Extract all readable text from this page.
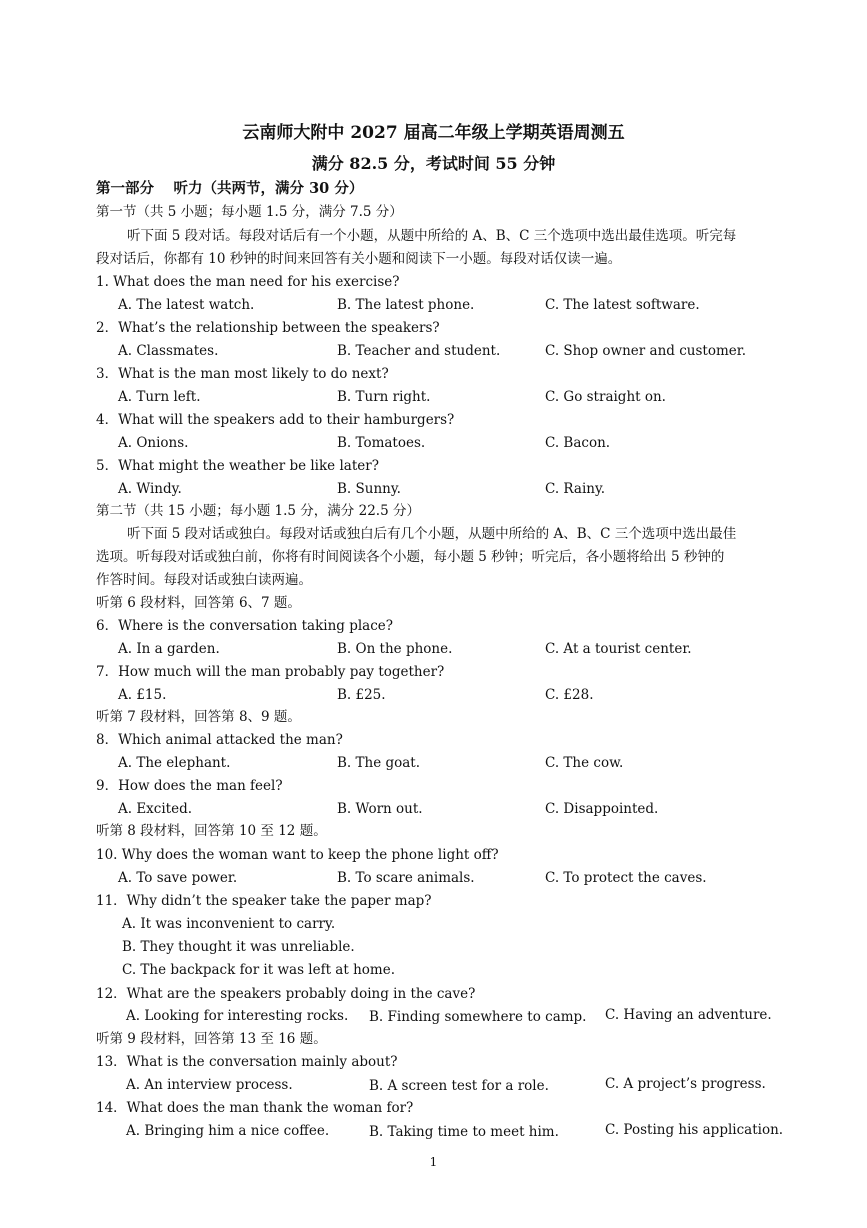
云南师大附中 2027 届高二年级上学期英语周测五
满分 82.5 分，考试时间 55 分钟
第一部分　 听力（共两节，满分 30 分）
第一节（共 5 小题；每小题 1.5 分，满分 7.5 分）
听下面 5 段对话。每段对话后有一个小题，从题中所给的 A、B、C 三个选项中选出最佳选项。听完每
段对话后，你都有 10 秒钟的时间来回答有关小题和阅读下一小题。每段对话仅读一遍。
1. What does the man need for his exercise?
A. The latest watch.	B. The latest phone.	C. The latest software.
2．What’s the relationship between the speakers?
A. Classmates.	B. Teacher and student.	C. Shop owner and customer.
3．What is the man most likely to do next?
A. Turn left.	B. Turn right.	C. Go straight on.
4．What will the speakers add to their hamburgers?
A. Onions.	B. Tomatoes.	C. Bacon.
5．What might the weather be like later?
A. Windy.	B. Sunny.	C. Rainy.
第二节（共 15 小题；每小题 1.5 分，满分 22.5 分）
听下面 5 段对话或独白。每段对话或独白后有几个小题，从题中所给的 A、B、C 三个选项中选出最佳
选项。听每段对话或独白前，你将有时间阅读各个小题，每小题 5 秒钟；听完后，各小题将给出 5 秒钟的
作答时间。每段对话或独白读两遍。
听第 6 段材料，回答第 6、7 题。
6．Where is the conversation taking place?
A. In a garden.	B. On the phone.	C. At a tourist center.
7．How much will the man probably pay together?
A. £15.	B. £25.	C. £28.
听第 7 段材料，回答第 8、9 题。
8．Which animal attacked the man?
A. The elephant.	B. The goat.	C. The cow.
9．How does the man feel?
A. Excited.	B. Worn out.	C. Disappointed.
听第 8 段材料，回答第 10 至 12 题。
10. Why does the woman want to keep the phone light off?
A. To save power.	B. To scare animals.	C. To protect the caves.
11．Why didn’t the speaker take the paper map?
A. It was inconvenient to carry.
B. They thought it was unreliable.
C. The backpack for it was left at home.
12．What are the speakers probably doing in the cave?
A. Looking for interesting rocks. B. Finding somewhere to camp. C. Having an adventure.
听第 9 段材料，回答第 13 至 16 题。
13．What is the conversation mainly about?
A. An interview process.	B. A screen test for a role.	C. A project’s progress.
14．What does the man thank the woman for?
A. Bringing him a nice coffee.	B. Taking time to meet him.	C. Posting his application.
1
